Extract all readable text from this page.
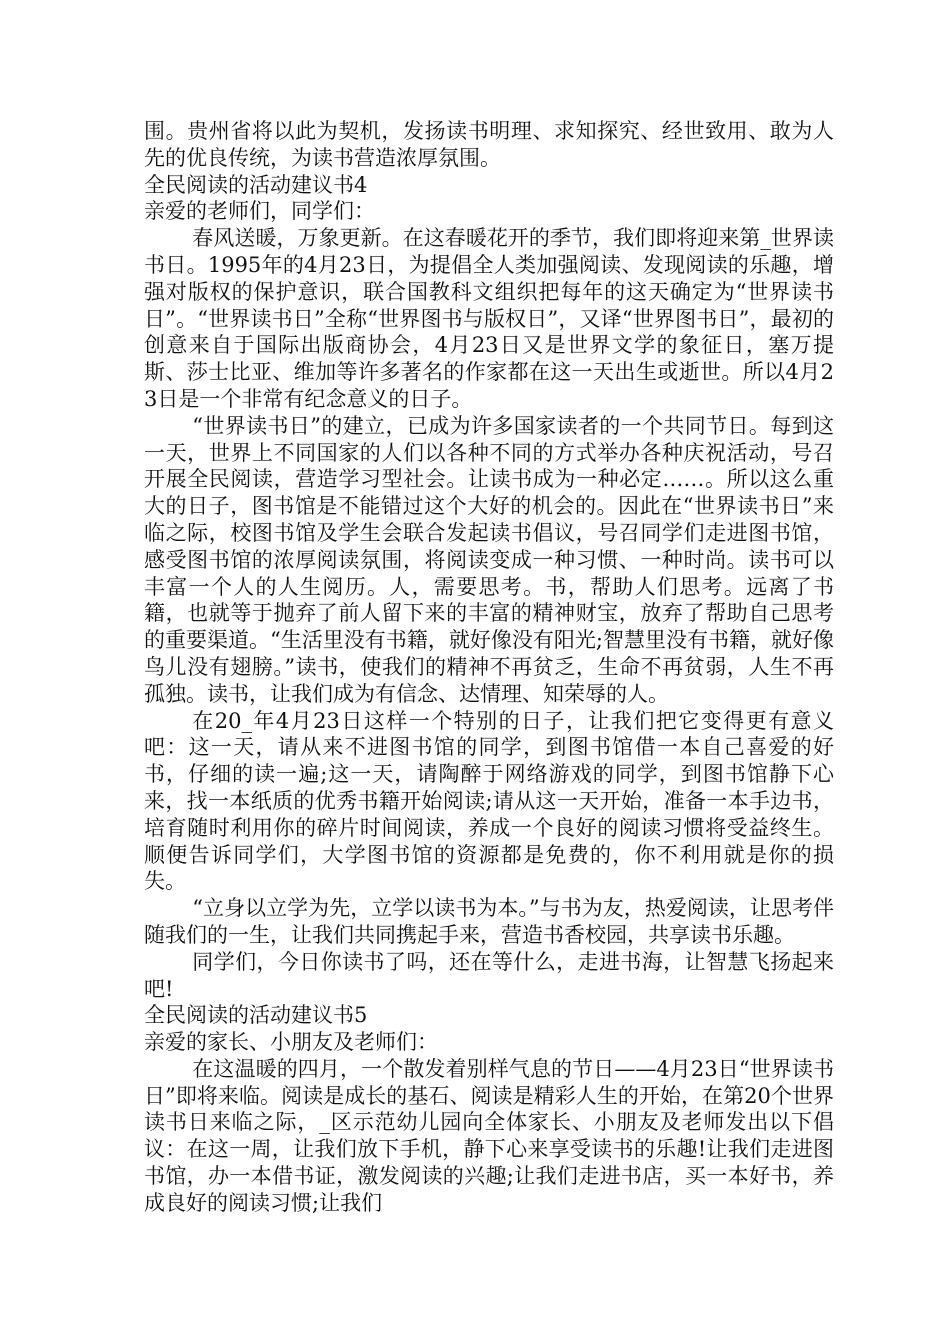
围。贵州省将以此为契机，发扬读书明理、求知探究、经世致用、敢为人先的优良传统，为读书营造浓厚氛围。

全民阅读的活动建议书4

亲爱的老师们，同学们：

春风送暖，万象更新。在这春暖花开的季节，我们即将迎来第_世界读书日。1995年的4月23日，为提倡全人类加强阅读、发现阅读的乐趣，增强对版权的保护意识，联合国教科文组织把每年的这天确定为“世界读书日”。“世界读书日”全称“世界图书与版权日”，又译“世界图书日”，最初的创意来自于国际出版商协会，4月23日又是世界文学的象征日，塞万提斯、莎士比亚、维加等许多著名的作家都在这一天出生或逝世。所以4月23日是一个非常有纪念意义的日子。

“世界读书日”的建立，已成为许多国家读者的一个共同节日。每到这一天，世界上不同国家的人们以各种不同的方式举办各种庆祝活动，号召开展全民阅读，营造学习型社会。让读书成为一种必定……。所以这么重大的日子，图书馆是不能错过这个大好的机会的。因此在“世界读书日”来临之际，校图书馆及学生会联合发起读书倡议，号召同学们走进图书馆，感受图书馆的浓厚阅读氛围，将阅读变成一种习惯、一种时尚。读书可以丰富一个人的人生阅历。人，需要思考。书，帮助人们思考。远离了书籍，也就等于抛弃了前人留下来的丰富的精神财宝，放弃了帮助自己思考的重要渠道。“生活里没有书籍，就好像没有阳光;智慧里没有书籍，就好像鸟儿没有翅膀。”读书，使我们的精神不再贫乏，生命不再贫弱，人生不再孤独。读书，让我们成为有信念、达情理、知荣辱的人。

在20_年4月23日这样一个特别的日子，让我们把它变得更有意义吧：这一天，请从来不进图书馆的同学，到图书馆借一本自己喜爱的好书，仔细的读一遍;这一天，请陶醉于网络游戏的同学，到图书馆静下心来，找一本纸质的优秀书籍开始阅读;请从这一天开始，准备一本手边书，培育随时利用你的碎片时间阅读，养成一个良好的阅读习惯将受益终生。顺便告诉同学们，大学图书馆的资源都是免费的，你不利用就是你的损失。

“立身以立学为先，立学以读书为本。”与书为友，热爱阅读，让思考伴随我们的一生，让我们共同携起手来，营造书香校园，共享读书乐趣。

同学们，今日你读书了吗，还在等什么，走进书海，让智慧飞扬起来吧!

全民阅读的活动建议书5

亲爱的家长、小朋友及老师们：

在这温暖的四月，一个散发着别样气息的节日——4月23日“世界读书日”即将来临。阅读是成长的基石、阅读是精彩人生的开始，在第20个世界读书日来临之际，_区示范幼儿园向全体家长、小朋友及老师发出以下倡议：在这一周，让我们放下手机，静下心来享受读书的乐趣!让我们走进图书馆，办一本借书证，激发阅读的兴趣;让我们走进书店，买一本好书，养成良好的阅读习惯;让我们
